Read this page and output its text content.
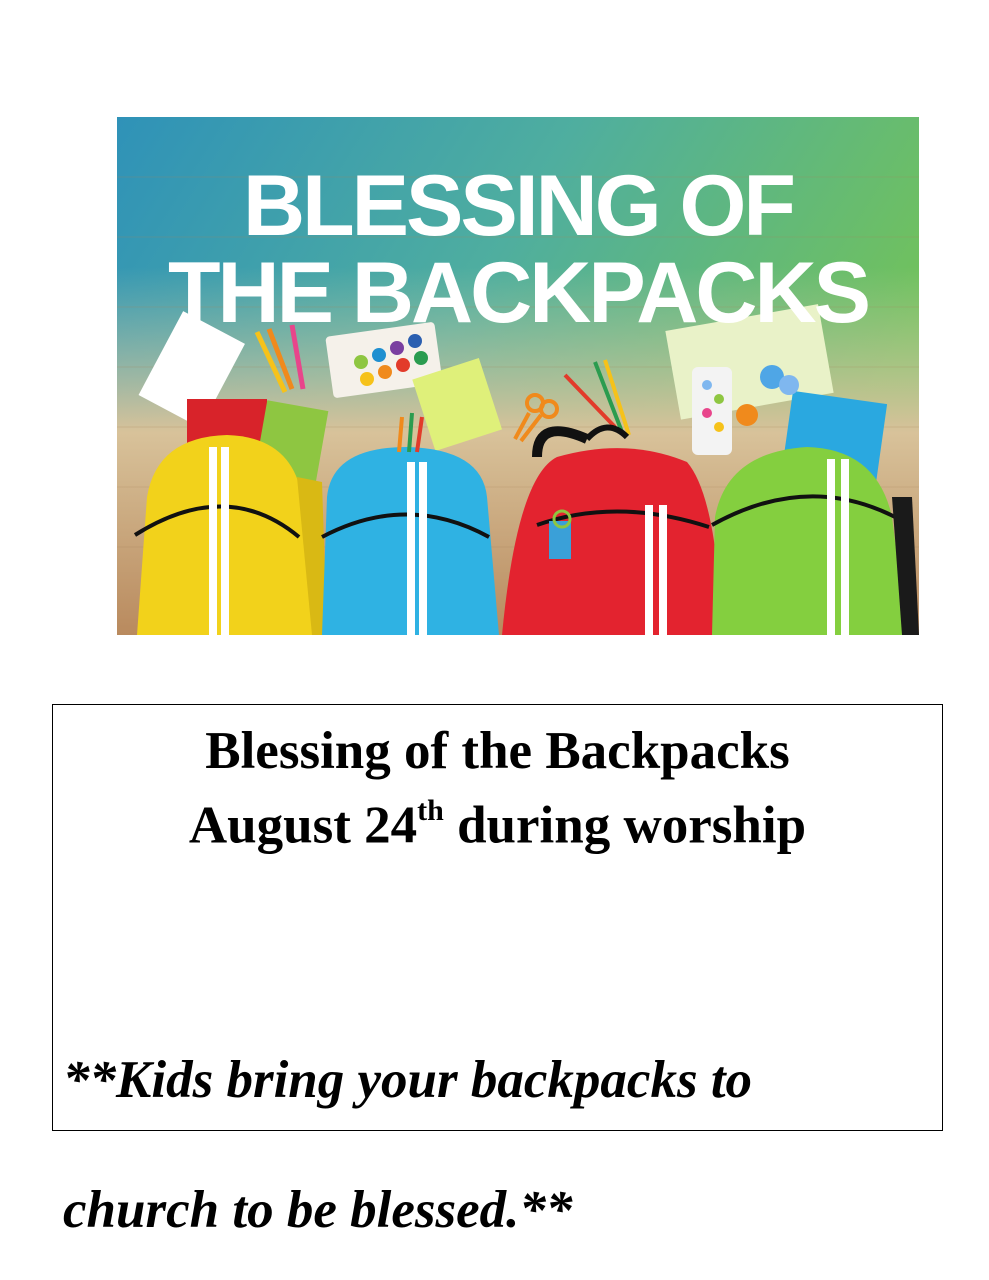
BLESSING OF
THE BACKPACKS
Blessing of the Backpacks
August 24th during worship

**Kids bring your backpacks to

church to be blessed.**
